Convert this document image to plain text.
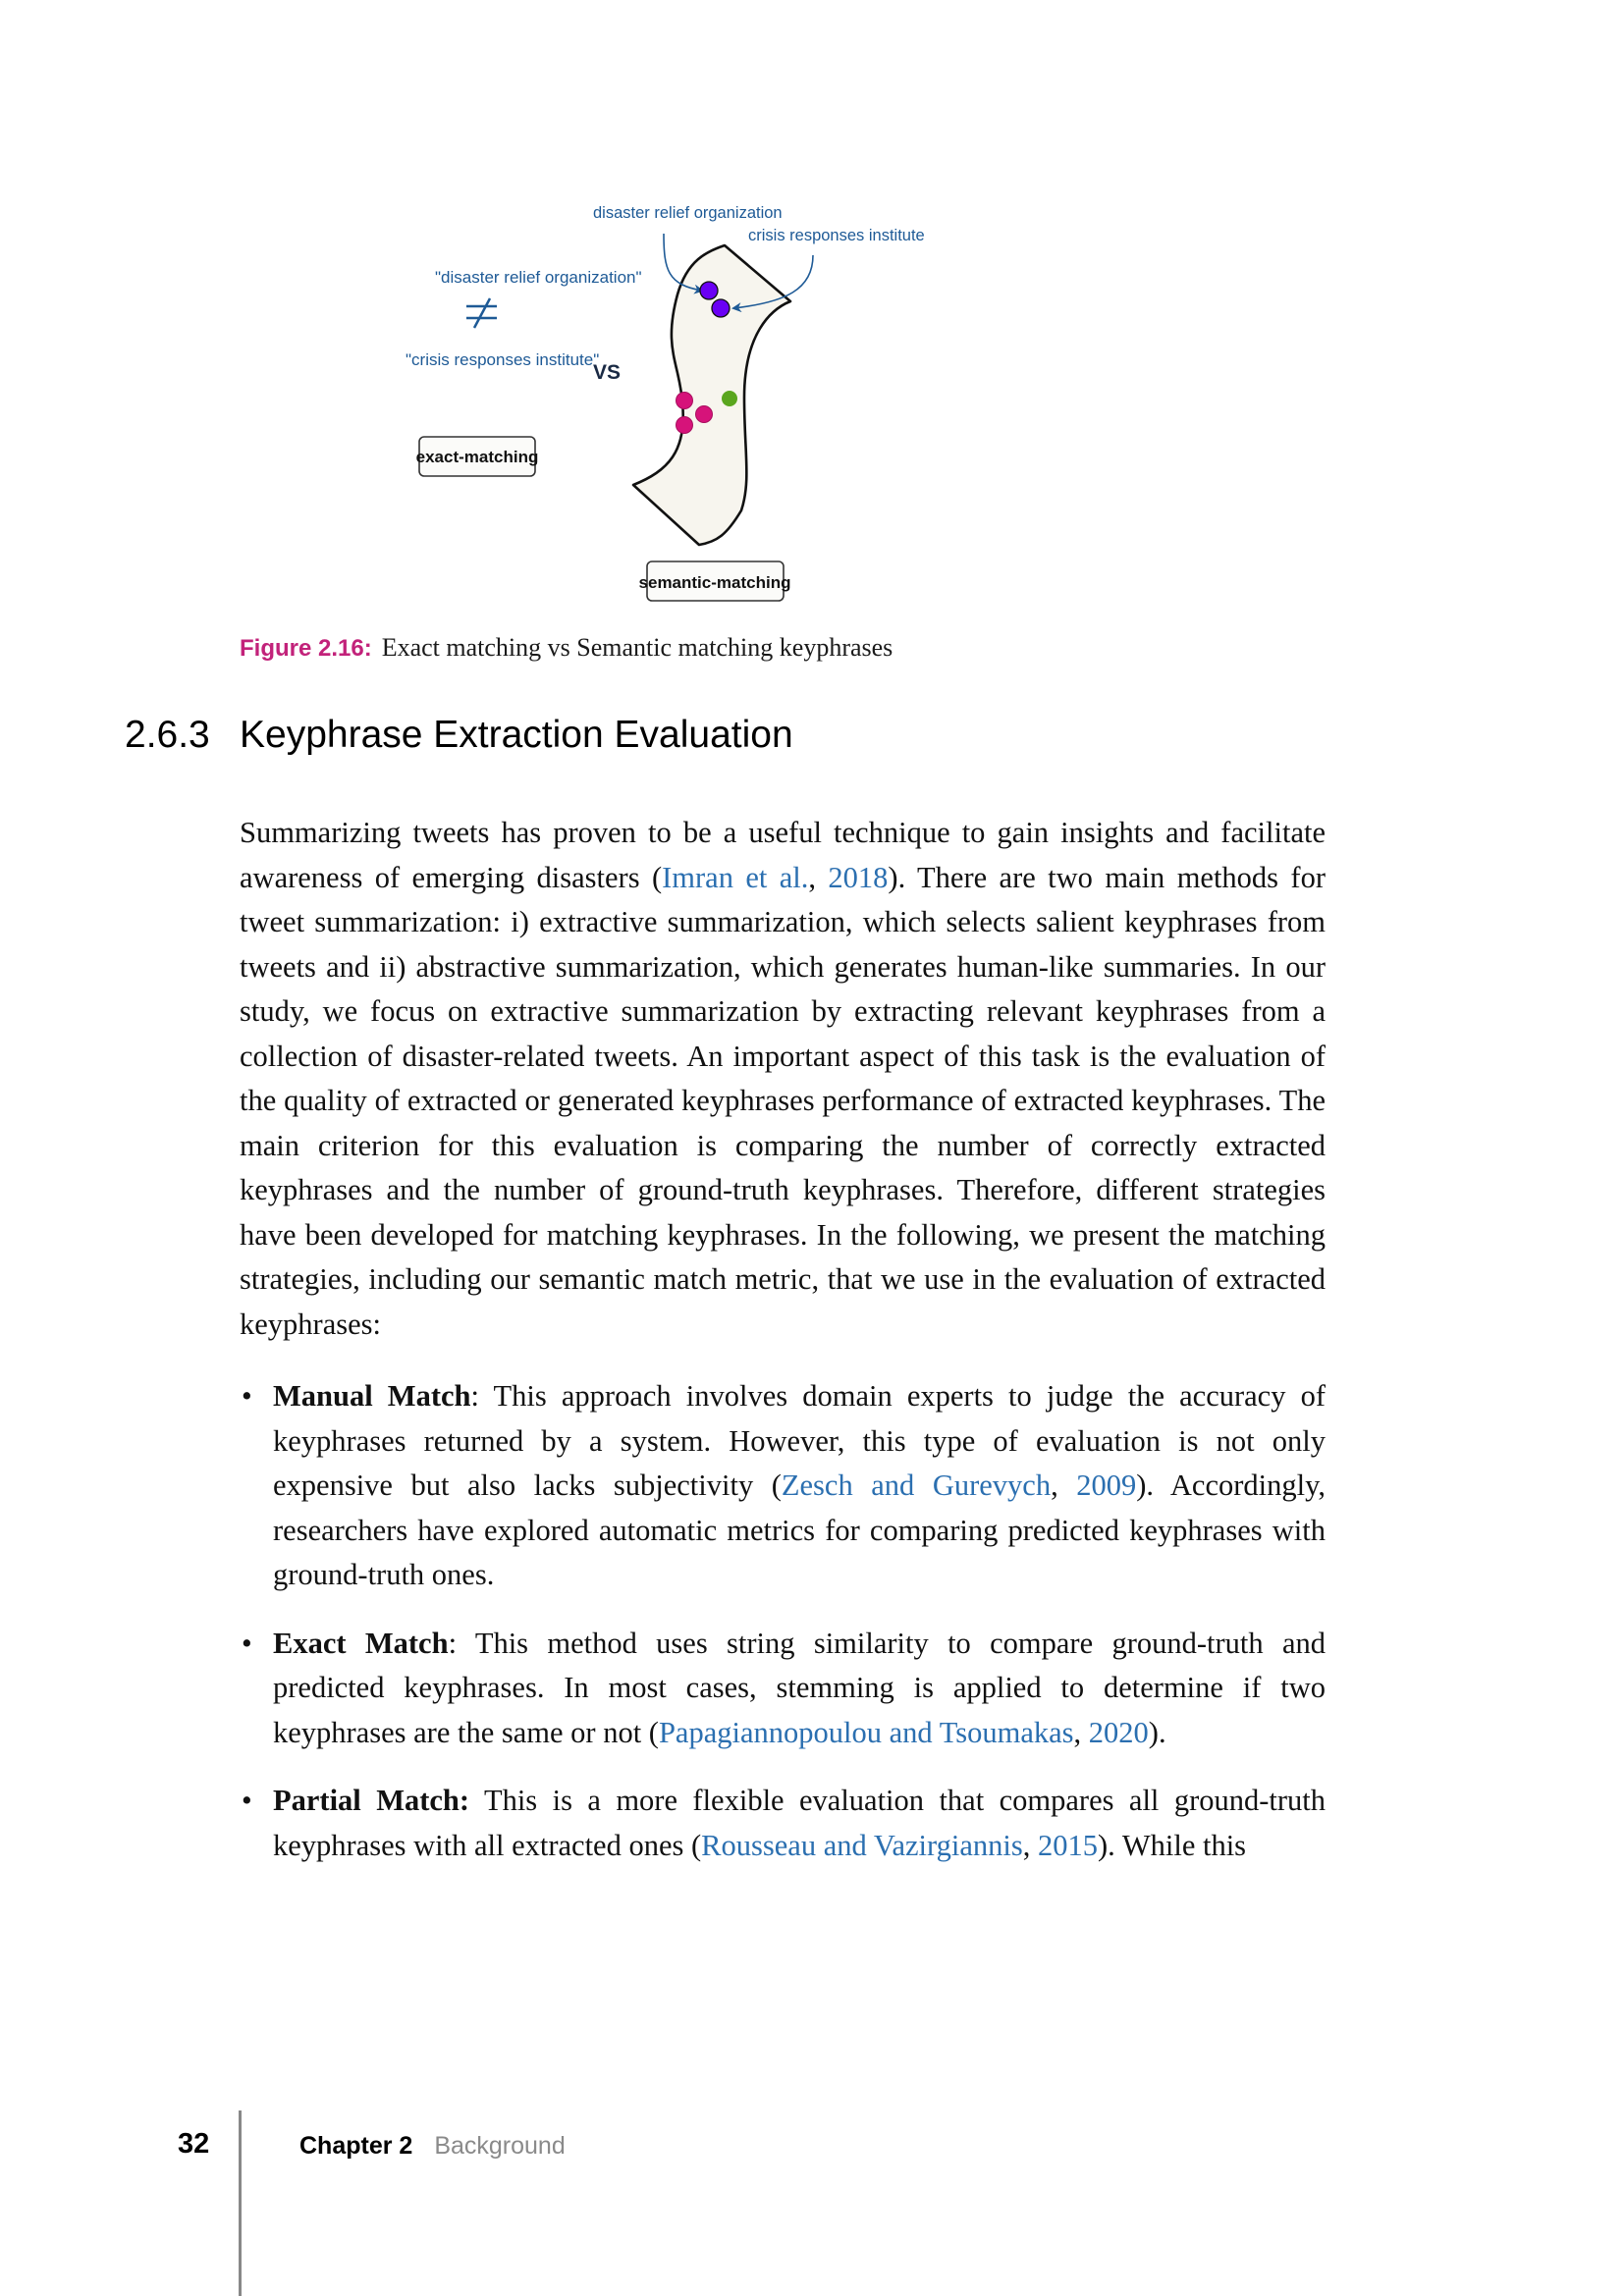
"disaster relief organization"
"crisis responses institute"
VS
exact-matching
disaster relief organization
crisis responses institute
semantic-matching
Figure 2.16: Exact matching vs Semantic matching keyphrases
2.6.3 Keyphrase Extraction Evaluation
Summarizing tweets has proven to be a useful technique to gain insights and facilitate awareness of emerging disasters (Imran et al., 2018). There are two main methods for tweet summarization: i) extractive summarization, which selects salient keyphrases from tweets and ii) abstractive summarization, which generates human-like summaries. In our study, we focus on extractive summarization by extracting relevant keyphrases from a collection of disaster-related tweets. An important aspect of this task is the evaluation of the quality of extracted or generated keyphrases performance of extracted keyphrases. The main criterion for this evaluation is comparing the number of correctly extracted keyphrases and the number of ground-truth keyphrases. Therefore, different strategies have been developed for matching keyphrases. In the following, we present the matching strategies, including our semantic match metric, that we use in the evaluation of extracted keyphrases:
• Manual Match: This approach involves domain experts to judge the accuracy of keyphrases returned by a system. However, this type of evaluation is not only expensive but also lacks subjectivity (Zesch and Gurevych, 2009). Accordingly, researchers have explored automatic metrics for comparing predicted keyphrases with ground-truth ones.
• Exact Match: This method uses string similarity to compare ground-truth and predicted keyphrases. In most cases, stemming is applied to determine if two keyphrases are the same or not (Papagiannopoulou and Tsoumakas, 2020).
• Partial Match: This is a more flexible evaluation that compares all ground-truth keyphrases with all extracted ones (Rousseau and Vazirgiannis, 2015). While this
32	Chapter 2 Background
